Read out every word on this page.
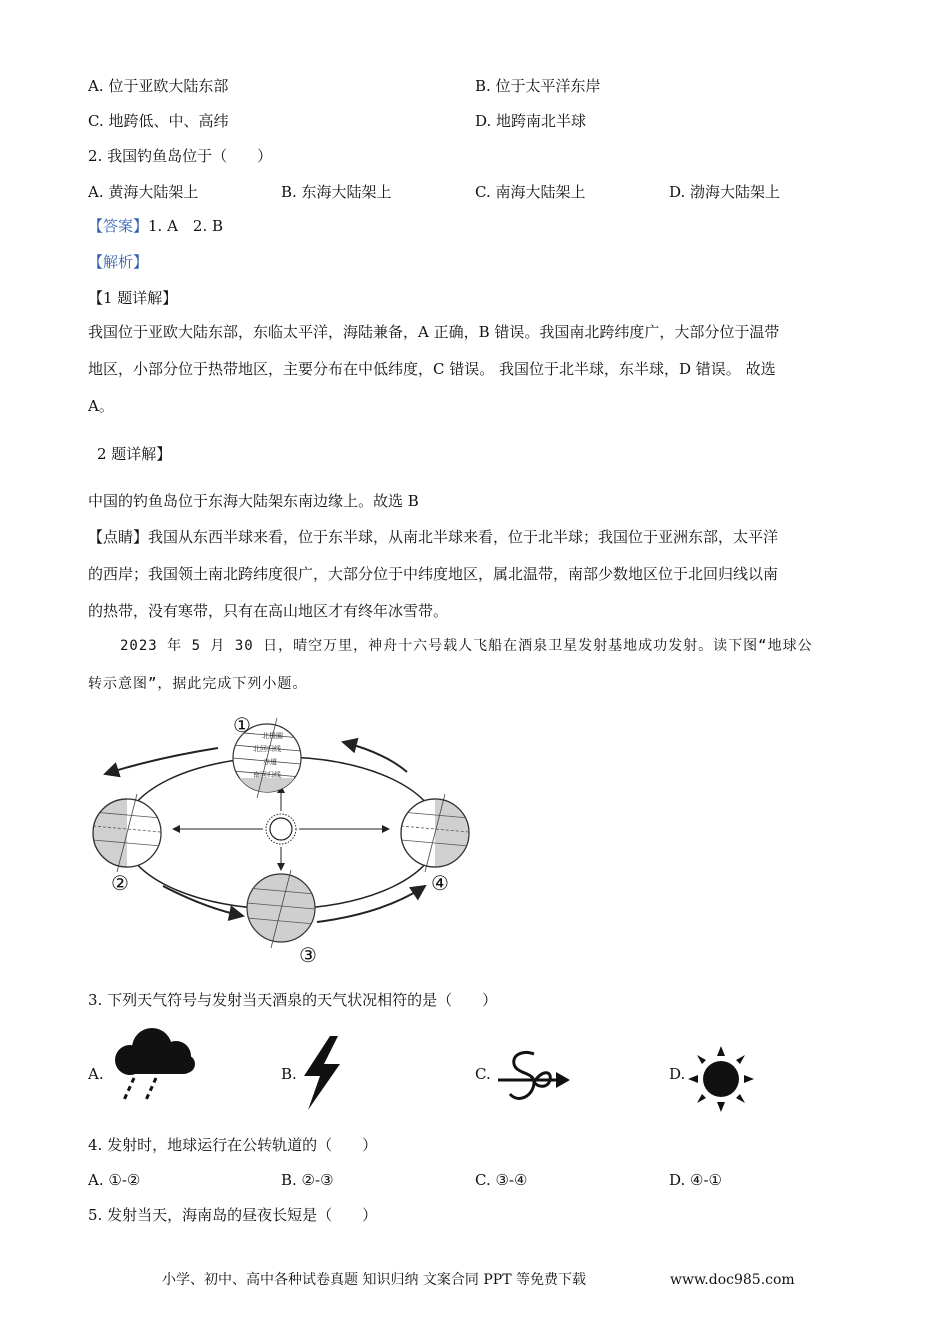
A. 位于亚欧大陆东部	B. 位于太平洋东岸
C. 地跨低、中、高纬	D. 地跨南北半球
2. 我国钓鱼岛位于（　　）
A. 黄海大陆架上	B. 东海大陆架上	C. 南海大陆架上	D. 渤海大陆架上
【答案】1. A　2. B
【解析】
【1 题详解】
我国位于亚欧大陆东部，东临太平洋，海陆兼备，A 正确，B 错误。我国南北跨纬度广，大部分位于温带
地区，小部分位于热带地区，主要分布在中低纬度，C 错误。 我国位于北半球，东半球，D 错误。 故选
A。
2 题详解】
中国的钓鱼岛位于东海大陆架东南边缘上。故选 B
【点睛】我国从东西半球来看，位于东半球，从南北半球来看，位于北半球；我国位于亚洲东部，太平洋
的西岸；我国领土南北跨纬度很广，大部分位于中纬度地区，属北温带，南部少数地区位于北回归线以南
的热带，没有寒带，只有在高山地区才有终年冰雪带。
2023 年 5 月 30 日，晴空万里，神舟十六号载人飞船在酒泉卫星发射基地成功发射。读下图“地球公
转示意图”，据此完成下列小题。
北极圈
北回归线
赤道
南回归线
①
②
③
④
3. 下列天气符号与发射当天酒泉的天气状况相符的是（　　）
A.	B.	C.	D.
4. 发射时，地球运行在公转轨道的（　　）
A. ①-②	B. ②-③	C. ③-④	D. ④-①
5. 发射当天，海南岛的昼夜长短是（　　）
小学、初中、高中各种试卷真题 知识归纳 文案合同 PPT 等免费下载	www.doc985.com
